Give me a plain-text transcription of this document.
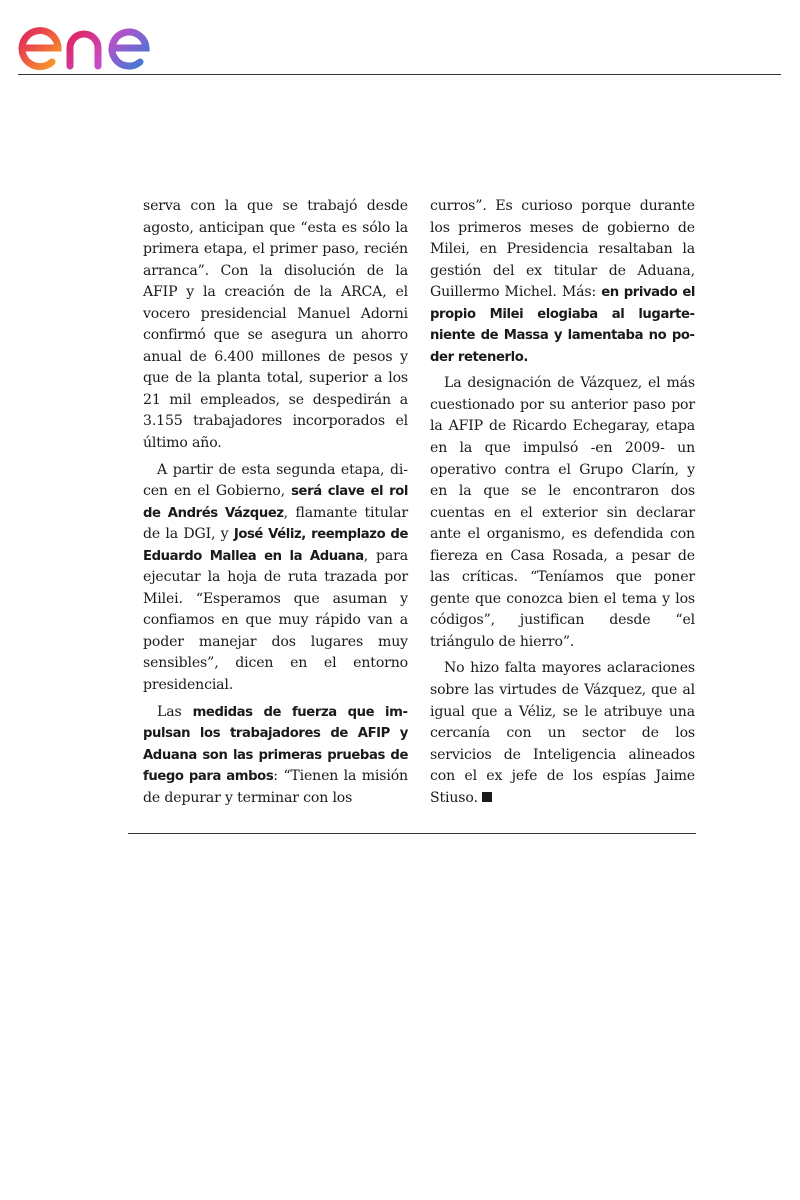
serva con la que se trabajó desde agosto, anticipan que “esta es sólo la primera etapa, el primer paso, recién arranca”. Con la disolución de la AFIP y la creación de la ARCA, el vocero presidencial Manuel Adorni confirmó que se asegura un ahorro anual de 6.400 millones de pesos y que de la planta total, superior a los 21 mil empleados, se despedirán a 3.155 trabajadores incorporados el último año.

A partir de esta segunda etapa, dicen en el Gobierno, será clave el rol de Andrés Vázquez, flamante titular de la DGI, y José Véliz, reemplazo de Eduardo Mallea en la Aduana, para ejecutar la hoja de ruta trazada por Milei. “Esperamos que asuman y confiamos en que muy rápido van a poder manejar dos lugares muy sensibles”, dicen en el entorno presidencial.

Las medidas de fuerza que impulsan los trabajadores de AFIP y Aduana son las primeras pruebas de fuego para ambos: “Tienen la misión de depurar y terminar con los

curros”. Es curioso porque durante los primeros meses de gobierno de Milei, en Presidencia resaltaban la gestión del ex titular de Aduana, Guillermo Michel. Más: en privado el propio Milei elogiaba al lugarteniente de Massa y lamentaba no poder retenerlo.

La designación de Vázquez, el más cuestionado por su anterior paso por la AFIP de Ricardo Echegaray, etapa en la que impulsó -en 2009- un operativo contra el Grupo Clarín, y en la que se le encontraron dos cuentas en el exterior sin declarar ante el organismo, es defendida con fiereza en Casa Rosada, a pesar de las críticas. “Teníamos que poner gente que conozca bien el tema y los códigos”, justifican desde “el triángulo de hierro”.

No hizo falta mayores aclaraciones sobre las virtudes de Vázquez, que al igual que a Véliz, se le atribuye una cercanía con un sector de los servicios de Inteligencia alineados con el ex jefe de los espías Jaime Stiuso.
